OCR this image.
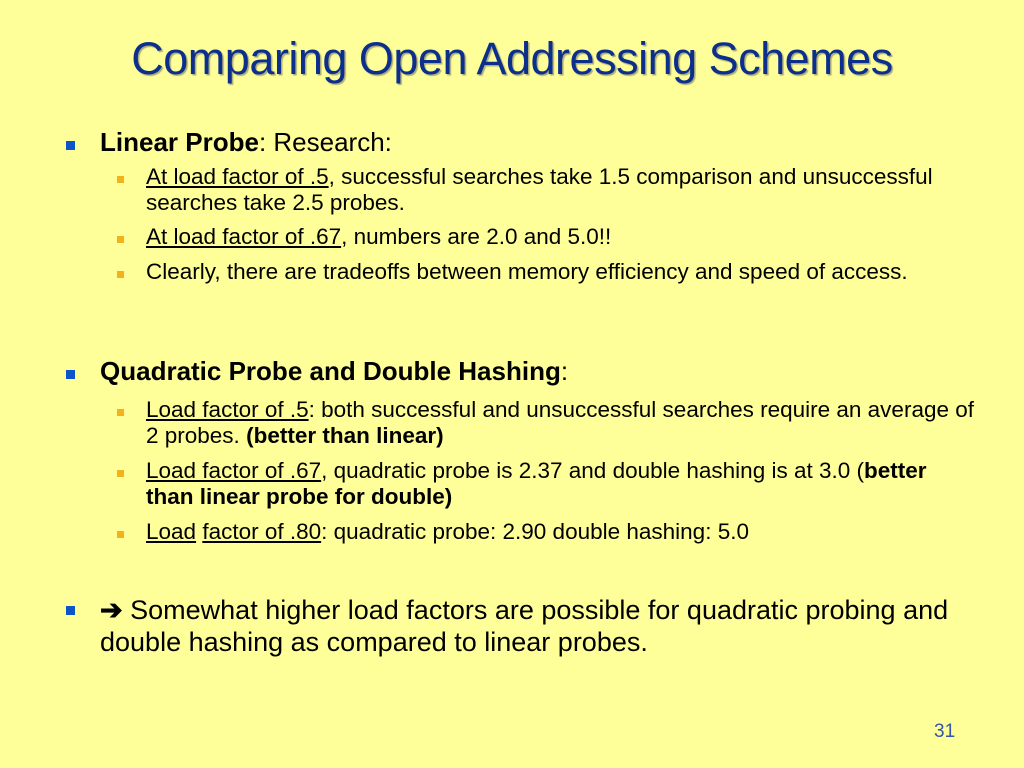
Comparing Open Addressing Schemes
Linear Probe: Research:
At load factor of .5, successful searches take 1.5 comparison and unsuccessful searches take 2.5 probes.
At load factor of .67, numbers are 2.0 and 5.0!!
Clearly, there are tradeoffs between memory efficiency and speed of access.
Quadratic Probe and Double Hashing:
Load factor of .5: both successful and unsuccessful searches require an average of 2 probes. (better than linear)
Load factor of .67, quadratic probe is 2.37 and double hashing is at 3.0 (better than linear probe for double)
Load factor of .80: quadratic probe: 2.90 double hashing: 5.0
➔ Somewhat higher load factors are possible for quadratic probing and double hashing as compared to linear probes.
31
